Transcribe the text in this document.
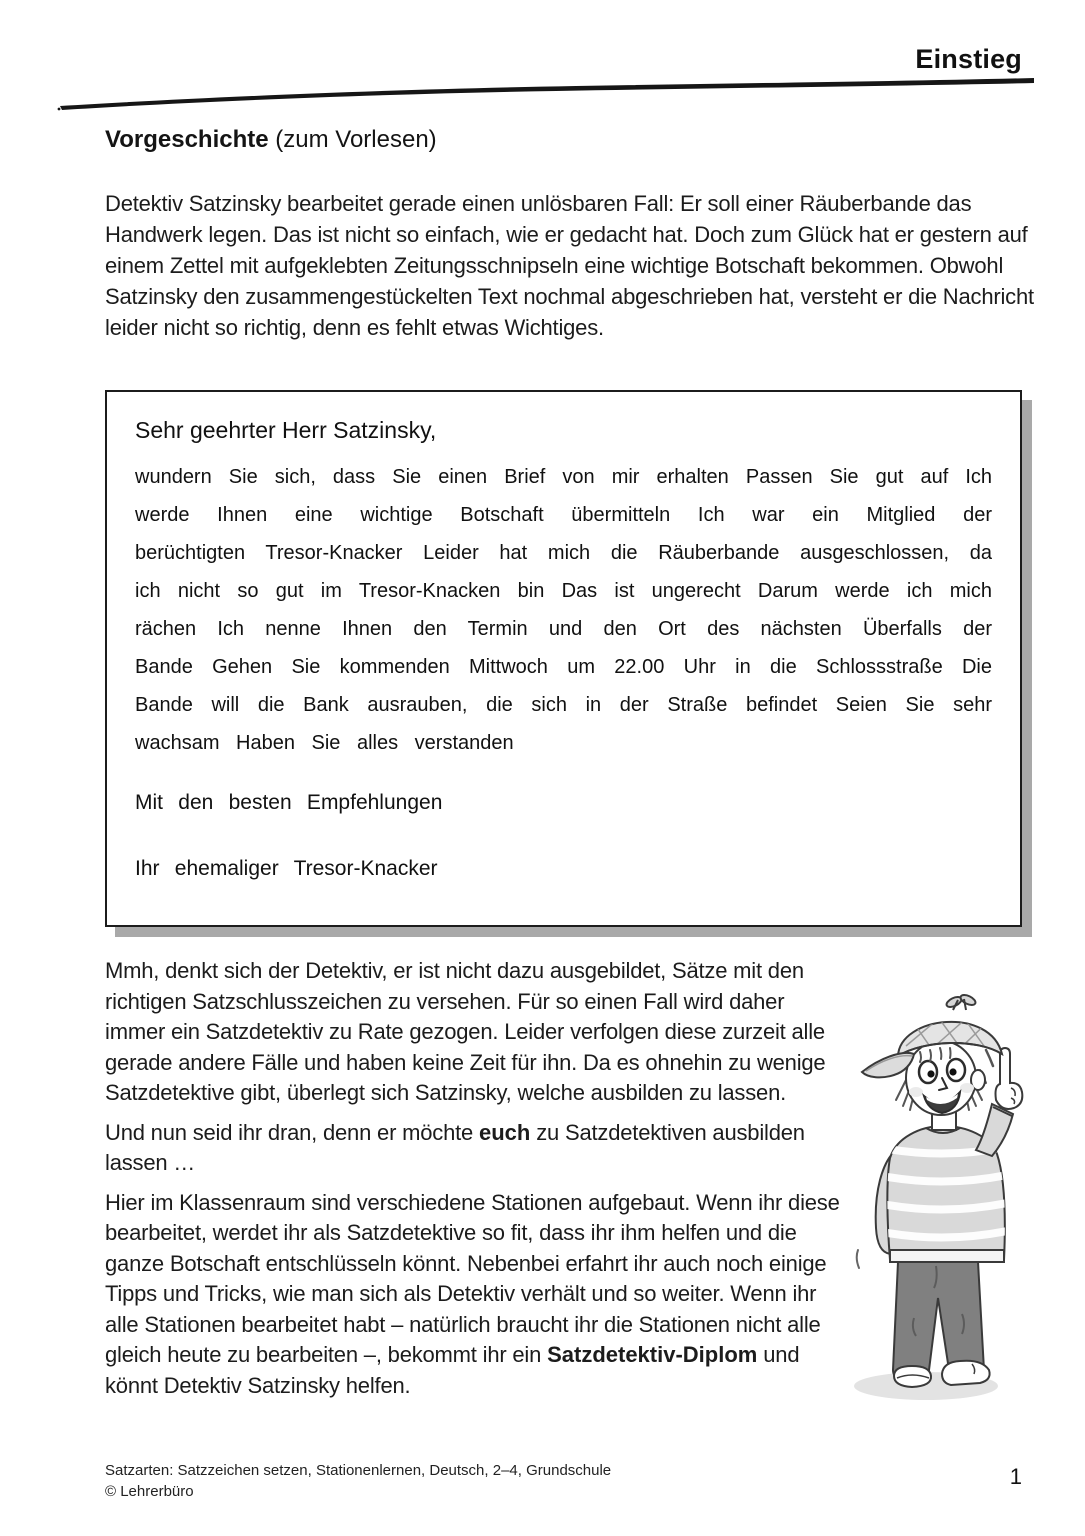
Einstieg
Vorgeschichte (zum Vorlesen)
Detektiv Satzinsky bearbeitet gerade einen unlösbaren Fall: Er soll einer Räuberbande das Handwerk legen. Das ist nicht so einfach, wie er gedacht hat. Doch zum Glück hat er gestern auf einem Zettel mit aufgeklebten Zeitungsschnipseln eine wichtige Botschaft bekommen. Obwohl Satzinsky den zusammengestückelten Text nochmal abgeschrieben hat, versteht er die Nachricht leider nicht so richtig, denn es fehlt etwas Wichtiges.
Sehr geehrter Herr Satzinsky,
wundern Sie sich, dass Sie einen Brief von mir erhalten Passen Sie gut auf Ich werde Ihnen eine wichtige Botschaft übermitteln Ich war ein Mitglied der berüchtigten Tresor-Knacker Leider hat mich die Räuberbande ausgeschlossen, da ich nicht so gut im Tresor-Knacken bin Das ist ungerecht Darum werde ich mich rächen Ich nenne Ihnen den Termin und den Ort des nächsten Überfalls der Bande Gehen Sie kommenden Mittwoch um 22.00 Uhr in die Schlossstraße Die Bande will die Bank ausrauben, die sich in der Straße befindet Seien Sie sehr wachsam Haben Sie alles verstanden
Mit den besten Empfehlungen
Ihr ehemaliger Tresor-Knacker

Mmh, denkt sich der Detektiv, er ist nicht dazu ausgebildet, Sätze mit den richtigen Satzschlusszeichen zu versehen. Für so einen Fall wird daher immer ein Satzdetektiv zu Rate gezogen. Leider verfolgen diese zurzeit alle gerade andere Fälle und haben keine Zeit für ihn. Da es ohnehin zu wenige Satzdetektive gibt, überlegt sich Satzinsky, welche ausbilden zu lassen.

Und nun seid ihr dran, denn er möchte euch zu Satzdetektiven ausbilden lassen …

Hier im Klassenraum sind verschiedene Stationen aufgebaut. Wenn ihr diese bearbeitet, werdet ihr als Satzdetektive so fit, dass ihr ihm helfen und die ganze Botschaft entschlüsseln könnt. Nebenbei erfahrt ihr auch noch einige Tipps und Tricks, wie man sich als Detektiv verhält und so weiter. Wenn ihr alle Stationen bearbeitet habt – natürlich braucht ihr die Stationen nicht alle gleich heute zu bearbeiten –, bekommt ihr ein Satzdetektiv-Diplom und könnt Detektiv Satzinsky helfen.

Satzarten: Satzzeichen setzen, Stationenlernen, Deutsch, 2–4, Grundschule
© Lehrerbüro
1
